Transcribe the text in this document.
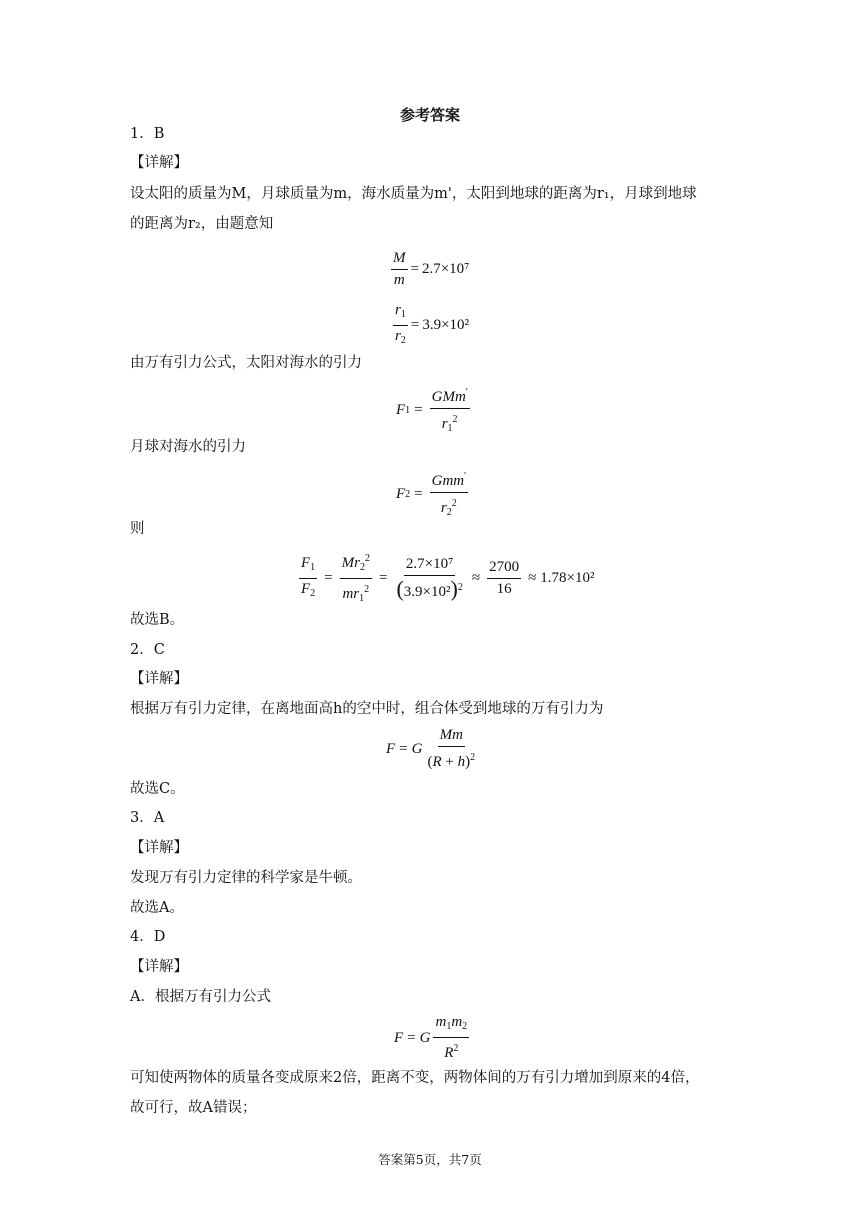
参考答案
1．B
【详解】
设太阳的质量为M，月球质量为m，海水质量为m'，太阳到地球的距离为r₁，月球到地球
的距离为r₂，由题意知
$\frac{M}{m} = 2.7\times 10^7$
$\frac{r_1}{r_2} = 3.9\times 10^2$
由万有引力公式，太阳对海水的引力
F $1 = \frac{GMm'}{r_1^2}$
月球对海水的引力
F $2 = \frac{Gmm'}{r_2^2}$
则
$\frac{F_1}{F_2} = \frac{Mr_2^2}{mr_1^2} = \frac{\text{2.7×10⁷}}{(3.9\times 10^2)^2} \approx \frac{2700}{16} \approx 1.78\times 10^2$
故选B。
2．C
【详解】
根据万有引力定律，在离地面高h的空中时，组合体受到地球的万有引力为
F = G $\frac{Mm}{(R + h)^2}$
故选C。
3．A
【详解】
发现万有引力定律的科学家是牛顿。
故选A。
4．D
【详解】
A．根据万有引力公式
F = G $\frac{m_1m_2}{R^2}$
可知使两物体的质量各变成原来2倍，距离不变，两物体间的万有引力增加到原来的4倍，
故可行，故A错误；
答案第5页，共7页
